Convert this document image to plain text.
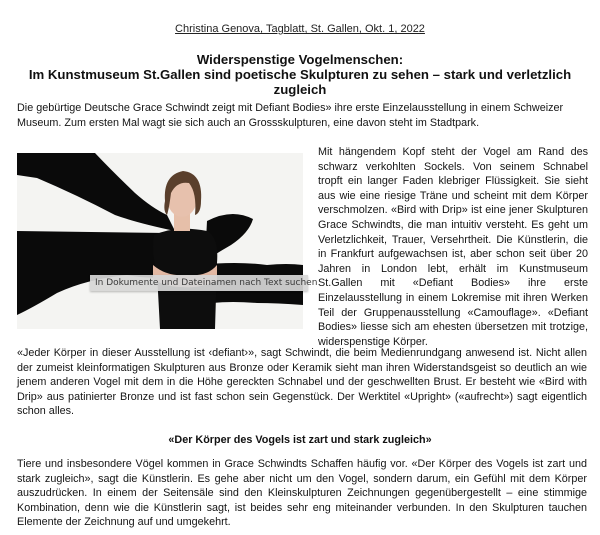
Christina Genova, Tagblatt, St. Gallen, Okt. 1, 2022
Widerspenstige Vogelmenschen:
Im Kunstmuseum St.Gallen sind poetische Skulpturen zu sehen – stark und verletzlich zugleich
Die gebürtige Deutsche Grace Schwindt zeigt mit Defiant Bodies» ihre erste Einzelausstellung in einem Schweizer Museum. Zum ersten Mal wagt sie sich auch an Grossskulpturen, eine davon steht im Stadtpark.
In Dokumente und Dateinamen nach Text suchen
Mit hängendem Kopf steht der Vogel am Rand des schwarz verkohlten Sockels. Von seinem Schnabel tropft ein langer Faden klebriger Flüssigkeit. Sie sieht aus wie eine riesige Träne und scheint mit dem Körper verschmolzen. «Bird with Drip» ist eine jener Skulpturen Grace Schwindts, die man intuitiv versteht. Es geht um Verletzlichkeit, Trauer, Versehrtheit. Die Künstlerin, die in Frankfurt aufgewachsen ist, aber schon seit über 20 Jahren in London lebt, erhält im Kunstmuseum St.Gallen mit «Defiant Bodies» ihre erste Einzelausstellung in einem Lokremise mit ihren Werken Teil der Gruppenausstellung «Camouflage». «Defiant Bodies» liesse sich am ehesten übersetzen mit trotzige, widerspenstige Körper.
«Jeder Körper in dieser Ausstellung ist ‹defiant›», sagt Schwindt, die beim Medienrundgang anwesend ist. Nicht allen der zumeist kleinformatigen Skulpturen aus Bronze oder Keramik sieht man ihren Widerstandsgeist so deutlich an wie jenem anderen Vogel mit dem in die Höhe gereckten Schnabel und der geschwellten Brust. Er besteht wie «Bird with Drip» aus patinierter Bronze und ist fast schon sein Gegenstück. Der Werktitel «Upright» («aufrecht») sagt eigentlich schon alles.
«Der Körper des Vogels ist zart und stark zugleich»
Tiere und insbesondere Vögel kommen in Grace Schwindts Schaffen häufig vor. «Der Körper des Vogels ist zart und stark zugleich», sagt die Künstlerin. Es gehe aber nicht um den Vogel, sondern darum, ein Gefühl mit dem Körper auszudrücken. In einem der Seitensäle sind den Kleinskulpturen Zeichnungen gegenübergestellt – eine stimmige Kombination, denn wie die Künstlerin sagt, ist beides sehr eng miteinander verbunden. In den Skulpturen tauchen Elemente der Zeichnung auf und umgekehrt.
